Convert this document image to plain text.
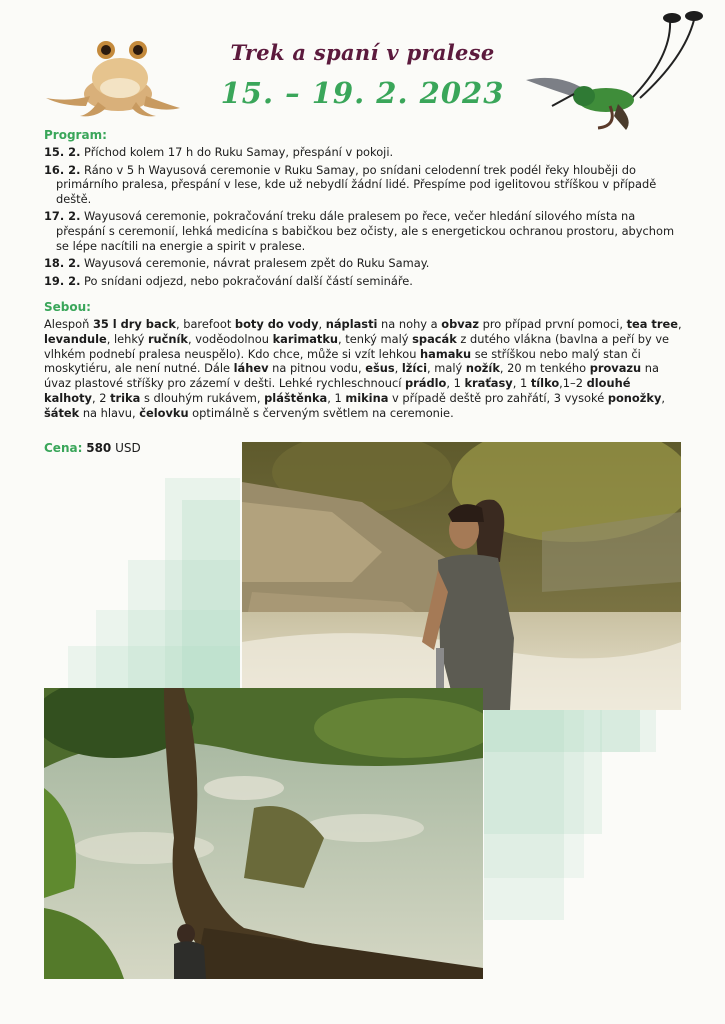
Trek a spaní v pralese
15. – 19. 2. 2023
Program:
15. 2. Příchod kolem 17 h do Ruku Samay, přespání v pokoji.
16. 2. Ráno v 5 h Wayusová ceremonie v Ruku Samay, po snídani celodenní trek podél řeky hlouběji do primárního pralesa, přespání v lese, kde už nebydlí žádní lidé. Přespíme pod igelitovou stříškou v případě deště.
17. 2. Wayusová ceremonie, pokračování treku dále pralesem po řece, večer hledání silového místa na přespání s ceremonií, lehká medicína s babičkou bez očisty, ale s energetickou ochranou prostoru, abychom se lépe nacítili na energie a spirit v pralese.
18. 2. Wayusová ceremonie, návrat pralesem zpět do Ruku Samay.
19. 2. Po snídani odjezd, nebo pokračování další částí semináře.
Sebou:
Alespoň 35 l dry back, barefoot boty do vody, náplasti na nohy a obvaz pro případ první pomoci, tea tree, levandule, lehký ručník, voděodolnou karimatku, tenký malý spacák z dutého vlákna (bavlna a peří by ve vlhkém podnebí pralesa neuspělo). Kdo chce, může si vzít lehkou hamaku se stříškou nebo malý stan či moskytiéru, ale není nutné. Dále láhev na pitnou vodu, ešus, lžíci, malý nožík, 20 m tenkého provazu na úvaz plastové stříšky pro zázemí v dešti. Lehké rychleschnoucí prádlo, 1 kraťasy, 1 tílko,1–2 dlouhé kalhoty, 2 trika s dlouhým rukávem, pláštěnka, 1 mikina v případě deště pro zahřátí, 3 vysoké ponožky, šátek na hlavu, čelovku optimálně s červeným světlem na ceremonie.
Cena: 580 USD
